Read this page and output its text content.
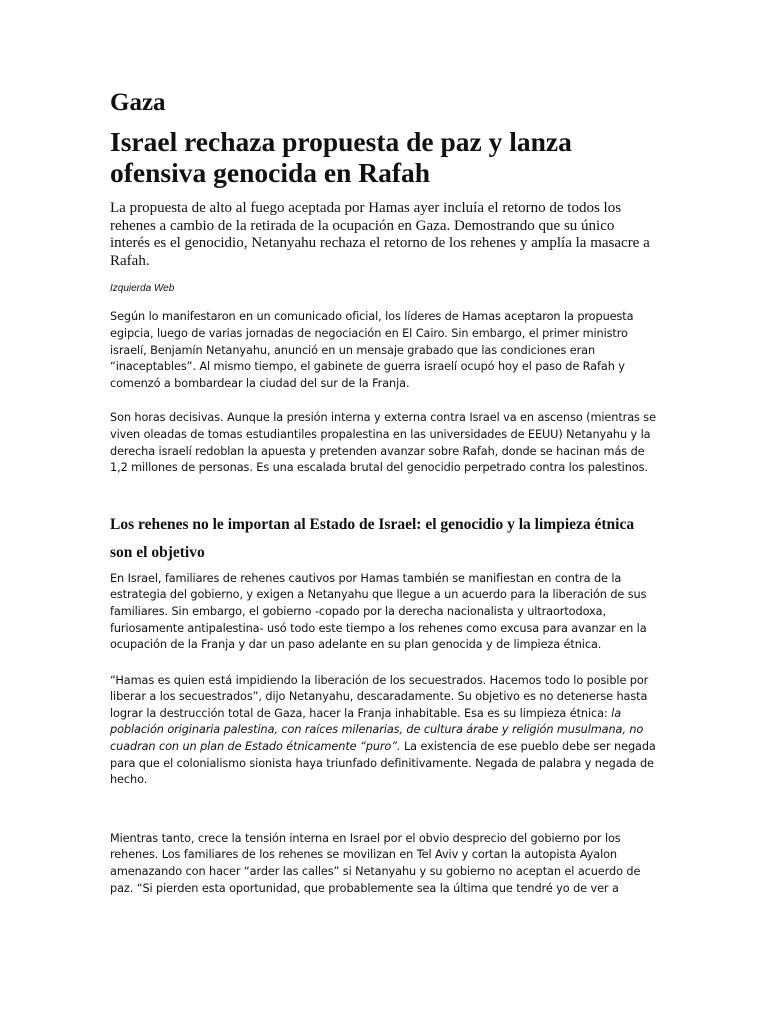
Gaza
Israel rechaza propuesta de paz y lanza ofensiva genocida en Rafah

La propuesta de alto al fuego aceptada por Hamas ayer incluía el retorno de todos los rehenes a cambio de la retirada de la ocupación en Gaza. Demostrando que su único interés es el genocidio, Netanyahu rechaza el retorno de los rehenes y amplía la masacre a Rafah.

Izquierda Web

Según lo manifestaron en un comunicado oficial, los líderes de Hamas aceptaron la propuesta egipcia, luego de varias jornadas de negociación en El Cairo. Sin embargo, el primer ministro israelí, Benjamín Netanyahu, anunció en un mensaje grabado que las condiciones eran “inaceptables”. Al mismo tiempo, el gabinete de guerra israelí ocupó hoy el paso de Rafah y comenzó a bombardear la ciudad del sur de la Franja.

Son horas decisivas. Aunque la presión interna y externa contra Israel va en ascenso (mientras se viven oleadas de tomas estudiantiles propalestina en las universidades de EEUU) Netanyahu y la derecha israelí redoblan la apuesta y pretenden avanzar sobre Rafah, donde se hacinan más de 1,2 millones de personas. Es una escalada brutal del genocidio perpetrado contra los palestinos.

Los rehenes no le importan al Estado de Israel: el genocidio y la limpieza étnica son el objetivo

En Israel, familiares de rehenes cautivos por Hamas también se manifiestan en contra de la estrategia del gobierno, y exigen a Netanyahu que llegue a un acuerdo para la liberación de sus familiares. Sin embargo, el gobierno -copado por la derecha nacionalista y ultraortodoxa, furiosamente antipalestina- usó todo este tiempo a los rehenes como excusa para avanzar en la ocupación de la Franja y dar un paso adelante en su plan genocida y de limpieza étnica.

“Hamas es quien está impidiendo la liberación de los secuestrados. Hacemos todo lo posible por liberar a los secuestrados”, dijo Netanyahu, descaradamente. Su objetivo es no detenerse hasta lograr la destrucción total de Gaza, hacer la Franja inhabitable. Esa es su limpieza étnica: la población originaria palestina, con raíces milenarias, de cultura árabe y religión musulmana, no cuadran con un plan de Estado étnicamente “puro”. La existencia de ese pueblo debe ser negada para que el colonialismo sionista haya triunfado definitivamente. Negada de palabra y negada de hecho.

Mientras tanto, crece la tensión interna en Israel por el obvio desprecio del gobierno por los rehenes. Los familiares de los rehenes se movilizan en Tel Aviv y cortan la autopista Ayalon amenazando con hacer “arder las calles” si Netanyahu y su gobierno no aceptan el acuerdo de paz. “Si pierden esta oportunidad, que probablemente sea la última que tendré yo de ver a
